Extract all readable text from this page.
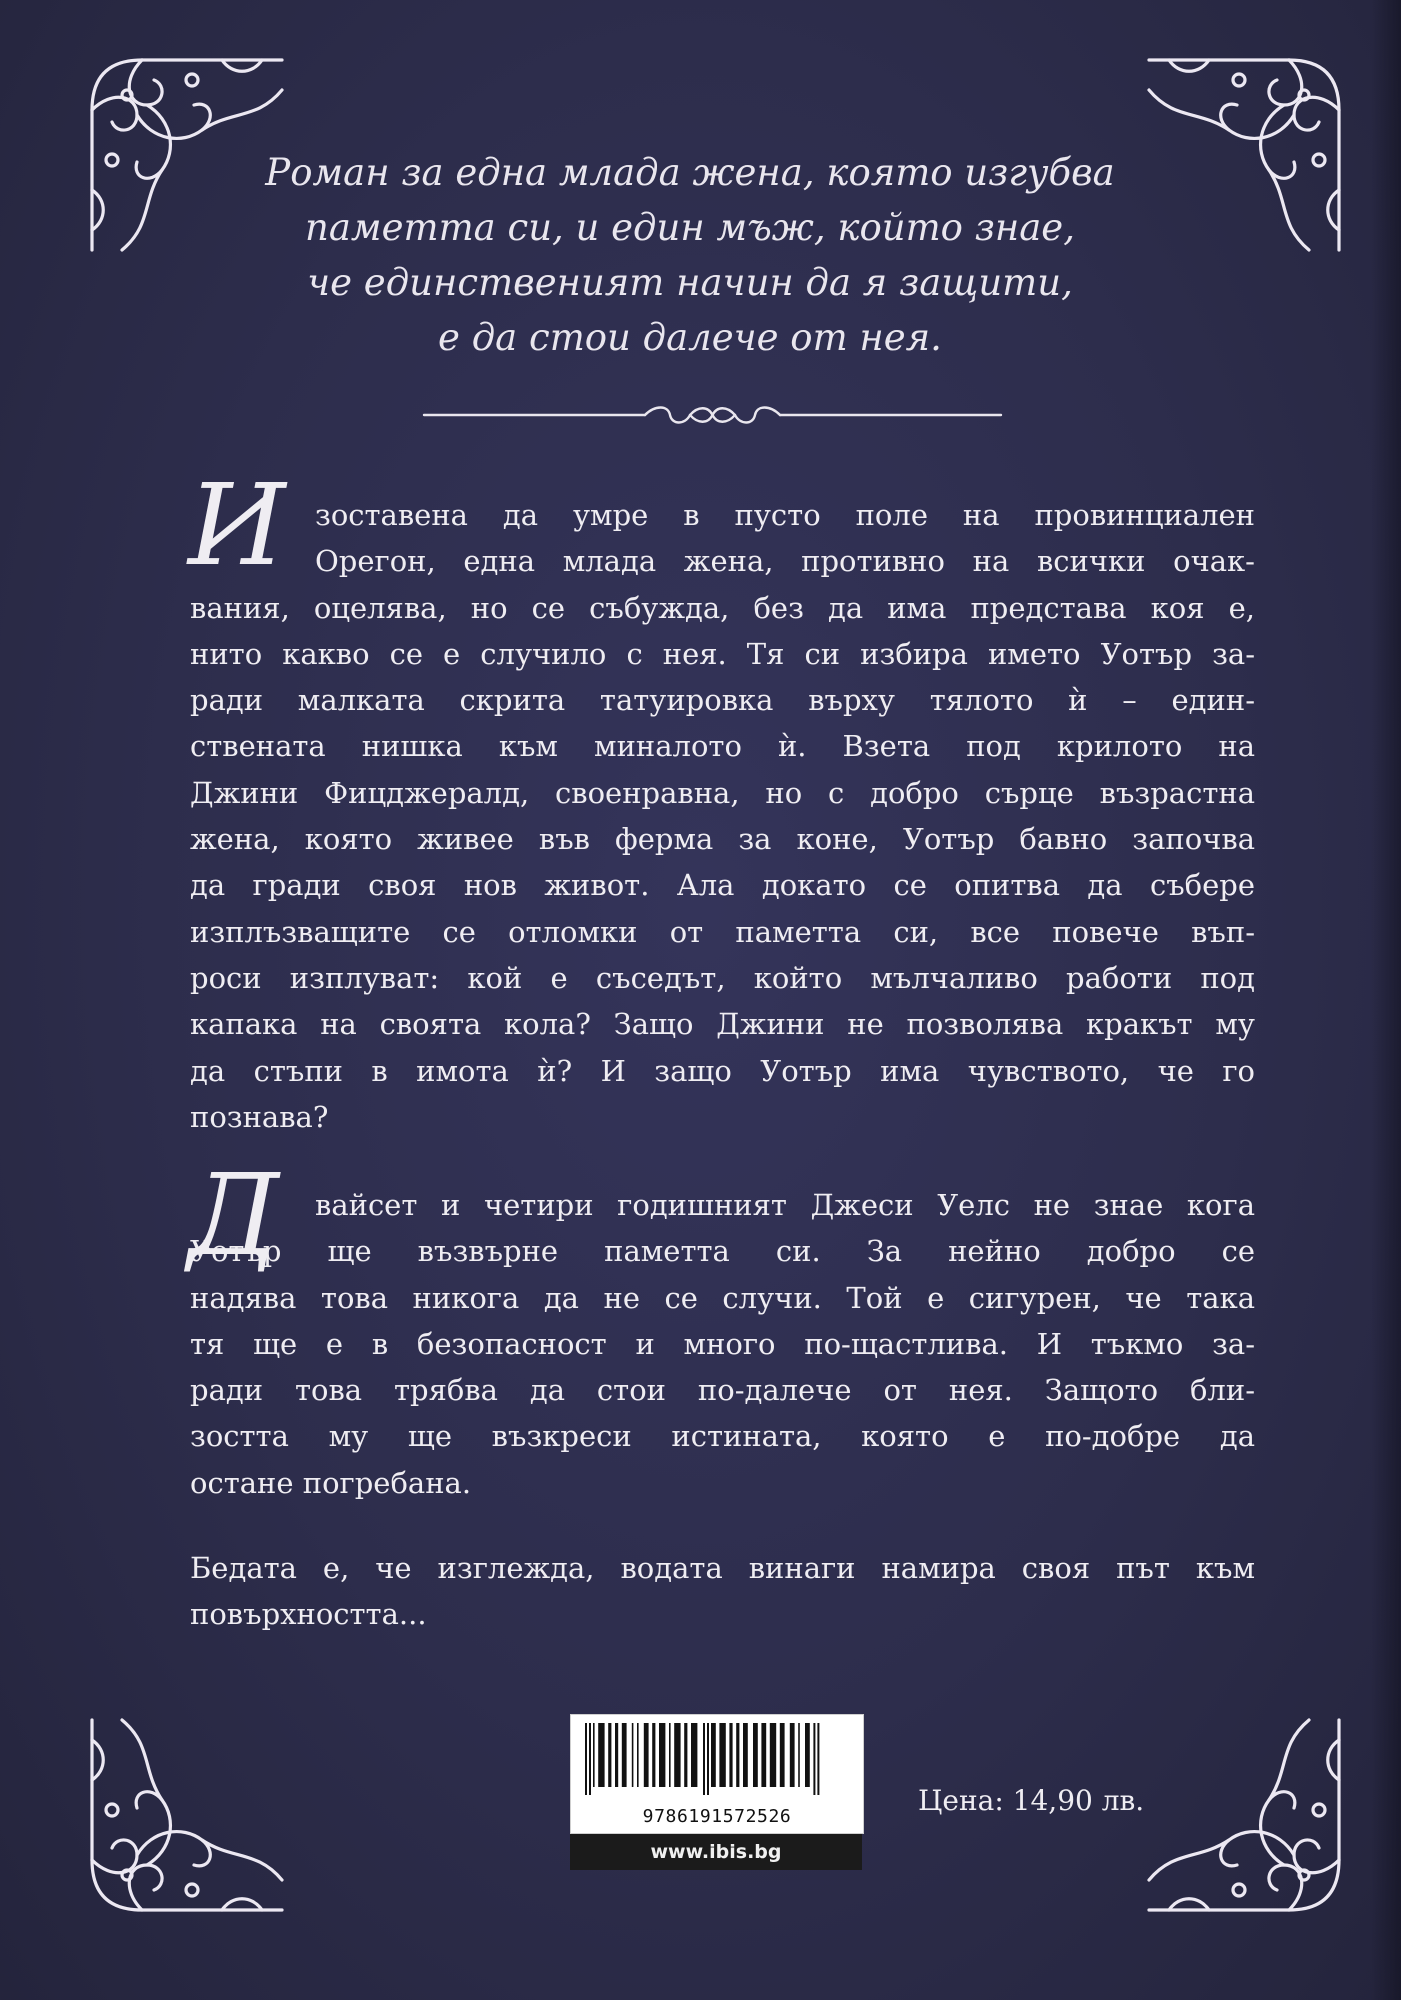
Роман за една млада жена, която изгубва
паметта си, и един мъж, който знае,
че единственият начин да я защити,
е да стои далече от нея.
И зоставена да умре в пусто поле на провинциален
Орегон, една млада жена, противно на всички очак-
вания, оцелява, но се събужда, без да има представа коя е,
нито какво се е случило с нея. Тя си избира името Уотър за-
ради малката скрита татуировка върху тялото ѝ – един-
ствената нишка към миналото ѝ. Взета под крилото на
Джини Фицджералд, своенравна, но с добро сърце възрастна
жена, която живее във ферма за коне, Уотър бавно започва
да гради своя нов живот. Ала докато се опитва да събере
изплъзващите се отломки от паметта си, все повече въп-
роси изплуват: кой е съседът, който мълчаливо работи под
капака на своята кола? Защо Джини не позволява кракът му
да стъпи в имота ѝ? И защо Уотър има чувството, че го
познава?
Д вайсет и четири годишният Джеси Уелс не знае кога
Уотър ще възвърне паметта си. За нейно добро се
надява това никога да не се случи. Той е сигурен, че така
тя ще е в безопасност и много по-щастлива. И тъкмо за-
ради това трябва да стои по-далече от нея. Защото бли-
зостта му ще възкреси истината, която е по-добре да
остане погребана.
Бедата е, че изглежда, водата винаги намира своя път към
повърхността...
9786191572526
www.ibis.bg
Цена: 14,90 лв.
